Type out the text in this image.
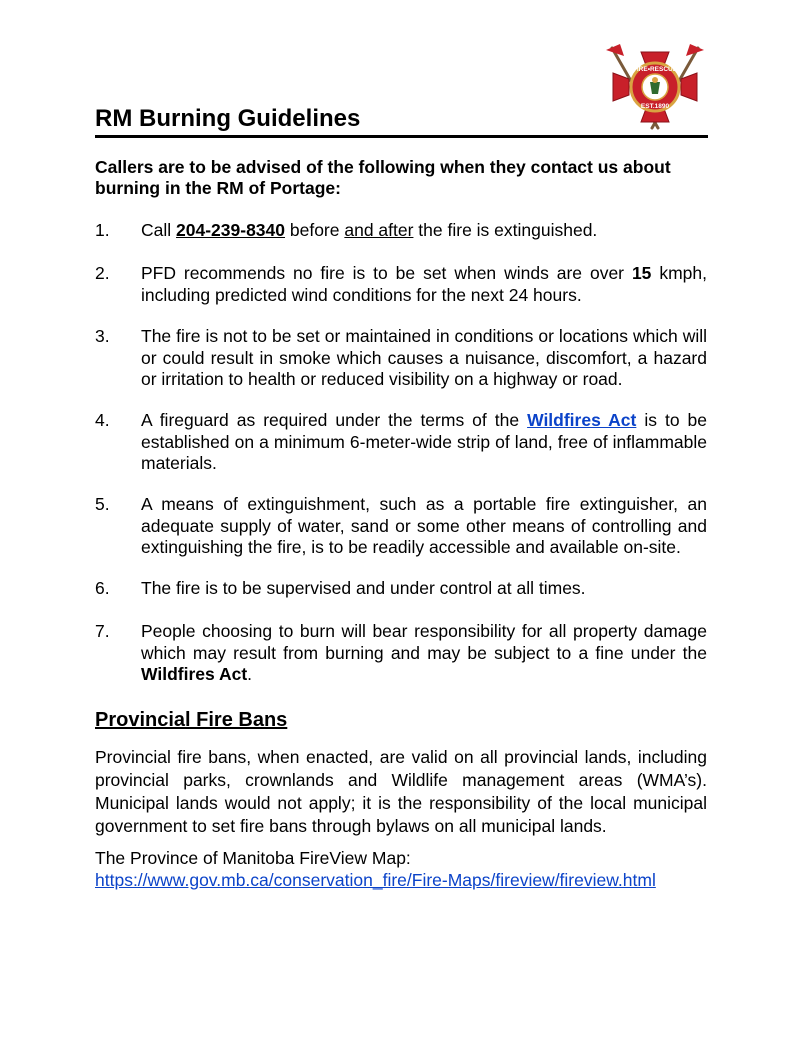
FIRE•RESCUE
EST.1890
RM Burning Guidelines

Callers are to be advised of the following when they contact us about burning in the RM of Portage:

1.	Call 204-239-8340 before and after the fire is extinguished.
2.	PFD recommends no fire is to be set when winds are over 15 kmph, including predicted wind conditions for the next 24 hours.
3.	The fire is not to be set or maintained in conditions or locations which will or could result in smoke which causes a nuisance, discomfort, a hazard or irritation to health or reduced visibility on a highway or road.
4.	A fireguard as required under the terms of the Wildfires Act is to be established on a minimum 6-meter-wide strip of land, free of inflammable materials.
5.	A means of extinguishment, such as a portable fire extinguisher, an adequate supply of water, sand or some other means of controlling and extinguishing the fire, is to be readily accessible and available on-site.
6.	The fire is to be supervised and under control at all times.
7.	People choosing to burn will bear responsibility for all property damage which may result from burning and may be subject to a fine under the Wildfires Act.
Provincial Fire Bans

Provincial fire bans, when enacted, are valid on all provincial lands, including provincial parks, crownlands and Wildlife management areas (WMA’s). Municipal lands would not apply; it is the responsibility of the local municipal government to set fire bans through bylaws on all municipal lands.

The Province of Manitoba FireView Map:

https://www.gov.mb.ca/conservation_fire/Fire-Maps/fireview/fireview.html
